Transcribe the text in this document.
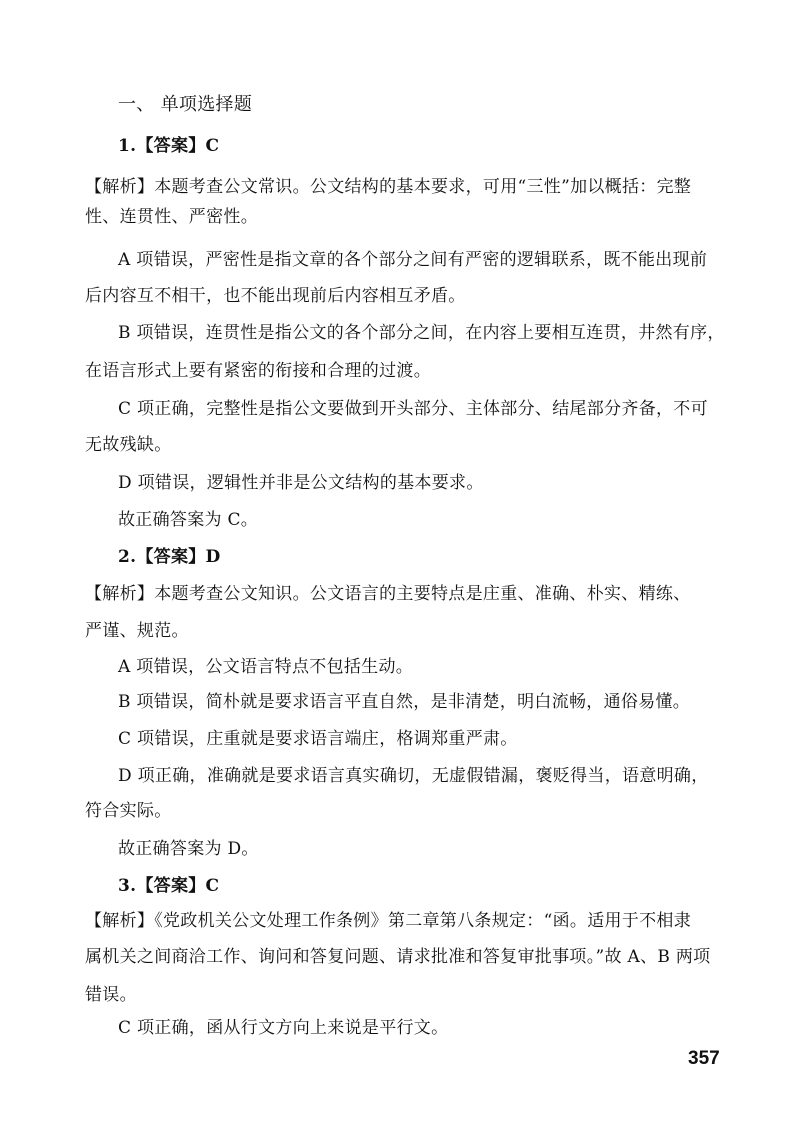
一、 单项选择题
1.【答案】C
【解析】本题考查公文常识。公文结构的基本要求，可用“三性”加以概括：完整
性、连贯性、严密性。
A 项错误，严密性是指文章的各个部分之间有严密的逻辑联系，既不能出现前
后内容互不相干，也不能出现前后内容相互矛盾。
B 项错误，连贯性是指公文的各个部分之间，在内容上要相互连贯，井然有序，
在语言形式上要有紧密的衔接和合理的过渡。
C 项正确，完整性是指公文要做到开头部分、主体部分、结尾部分齐备，不可
无故残缺。
D 项错误，逻辑性并非是公文结构的基本要求。
故正确答案为 C。
2.【答案】D
【解析】本题考查公文知识。公文语言的主要特点是庄重、准确、朴实、精练、
严谨、规范。
A 项错误，公文语言特点不包括生动。
B 项错误，简朴就是要求语言平直自然，是非清楚，明白流畅，通俗易懂。
C 项错误，庄重就是要求语言端庄，格调郑重严肃。
D 项正确，准确就是要求语言真实确切，无虚假错漏，褒贬得当，语意明确，
符合实际。
故正确答案为 D。
3.【答案】C
【解析】《党政机关公文处理工作条例》第二章第八条规定：“函。适用于不相隶
属机关之间商洽工作、询问和答复问题、请求批准和答复审批事项。”故 A、B 两项
错误。
C 项正确，函从行文方向上来说是平行文。
357
